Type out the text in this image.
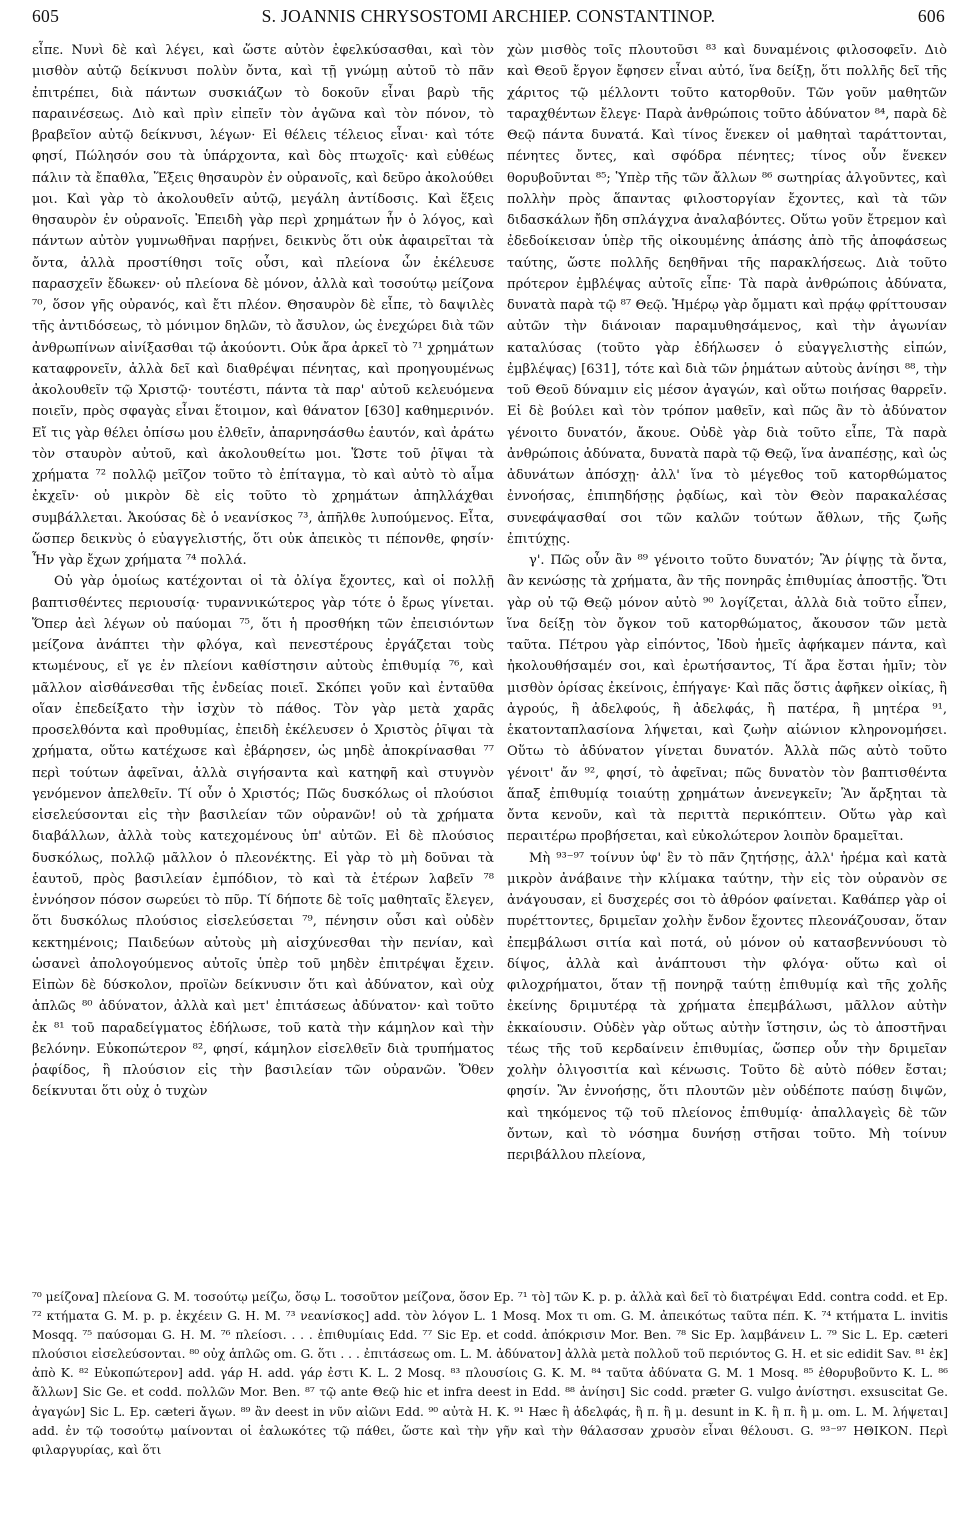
605	S. JOANNIS CHRYSOSTOMI ARCHIEP. CONSTANTINOP.	606

εἶπε. Νυνὶ δὲ καὶ λέγει, καὶ ὥστε αὐτὸν ἐφελκύσασθαι, καὶ τὸν μισθὸν αὐτῷ δείκνυσι πολὺν ὄντα, καὶ τῇ γνώμῃ αὐτοῦ τὸ πᾶν ἐπιτρέπει, διὰ πάντων συσκιάζων τὸ δοκοῦν εἶναι βαρὺ τῆς παραινέσεως. Διὸ καὶ πρὶν εἰπεῖν τὸν ἀγῶνα καὶ τὸν πόνον, τὸ βραβεῖον αὐτῷ δείκνυσι, λέγων· Εἰ θέλεις τέλειος εἶναι· καὶ τότε φησί, Πώλησόν σου τὰ ὑπάρχοντα, καὶ δὸς πτωχοῖς· καὶ εὐθέως πάλιν τὰ ἔπαθλα, Ἕξεις θησαυρὸν ἐν οὐρανοῖς, καὶ δεῦρο ἀκολούθει μοι. Καὶ γὰρ τὸ ἀκολουθεῖν αὐτῷ, μεγάλη ἀντίδοσις. Καὶ ἕξεις θησαυρὸν ἐν οὐρανοῖς. Ἐπειδὴ γὰρ περὶ χρημάτων ἦν ὁ λόγος, καὶ πάντων αὐτὸν γυμνωθῆναι παρῄνει, δεικνὺς ὅτι οὐκ ἀφαιρεῖται τὰ ὄντα, ἀλλὰ προστίθησι τοῖς οὖσι, καὶ πλείονα ὧν ἐκέλευσε παρασχεῖν ἔδωκεν· οὐ πλείονα δὲ μόνον, ἀλλὰ καὶ τοσούτῳ μείζονα ⁷⁰, ὅσον γῆς οὐρανός, καὶ ἔτι πλέον. Θησαυρὸν δὲ εἶπε, τὸ δαψιλὲς τῆς ἀντιδόσεως, τὸ μόνιμον δηλῶν, τὸ ἄσυλον, ὡς ἐνεχώρει διὰ τῶν ἀνθρωπίνων αἰνίξασθαι τῷ ἀκούοντι. Οὐκ ἄρα ἀρκεῖ τὸ ⁷¹ χρημάτων καταφρονεῖν, ἀλλὰ δεῖ καὶ διαθρέψαι πένητας, καὶ προηγουμένως ἀκολουθεῖν τῷ Χριστῷ· τουτέστι, πάντα τὰ παρ' αὐτοῦ κελευόμενα ποιεῖν, πρὸς σφαγὰς εἶναι ἕτοιμον, καὶ θάνατον [630] καθημερινόν. Εἴ τις γὰρ θέλει ὀπίσω μου ἐλθεῖν, ἀπαρνησάσθω ἑαυτόν, καὶ ἀράτω τὸν σταυρὸν αὐτοῦ, καὶ ἀκολουθείτω μοι. Ὥστε τοῦ ῥῖψαι τὰ χρήματα ⁷² πολλῷ μεῖζον τοῦτο τὸ ἐπίταγμα, τὸ καὶ αὐτὸ τὸ αἷμα ἐκχεῖν· οὐ μικρὸν δὲ εἰς τοῦτο τὸ χρημάτων ἀπηλλάχθαι συμβάλλεται. Ἀκούσας δὲ ὁ νεανίσκος ⁷³, ἀπῆλθε λυπούμενος. Εἶτα, ὥσπερ δεικνὺς ὁ εὐαγγελιστής, ὅτι οὐκ ἀπεικὸς τι πέπονθε, φησίν· Ἦν γὰρ ἔχων χρήματα ⁷⁴ πολλά.

Οὐ γὰρ ὁμοίως κατέχονται οἱ τὰ ὀλίγα ἔχοντες, καὶ οἱ πολλῇ βαπτισθέντες περιουσίᾳ· τυραννικώτερος γὰρ τότε ὁ ἔρως γίνεται. Ὅπερ ἀεὶ λέγων οὐ παύομαι ⁷⁵, ὅτι ἡ προσθήκη τῶν ἐπεισιόντων μείζονα ἀνάπτει τὴν φλόγα, καὶ πενεστέρους ἐργάζεται τοὺς κτωμένους, εἴ γε ἐν πλείονι καθίστησιν αὐτοὺς ἐπιθυμίᾳ ⁷⁶, καὶ μᾶλλον αἰσθάνεσθαι τῆς ἐνδείας ποιεῖ. Σκόπει γοῦν καὶ ἐνταῦθα οἵαν ἐπεδείξατο τὴν ἰσχὺν τὸ πάθος. Τὸν γὰρ μετὰ χαρᾶς προσελθόντα καὶ προθυμίας, ἐπειδὴ ἐκέλευσεν ὁ Χριστὸς ῥῖψαι τὰ χρήματα, οὕτω κατέχωσε καὶ ἐβάρησεν, ὡς μηδὲ ἀποκρίνασθαι ⁷⁷ περὶ τούτων ἀφεῖναι, ἀλλὰ σιγήσαντα καὶ κατηφῆ καὶ στυγνὸν γενόμενον ἀπελθεῖν. Τί οὖν ὁ Χριστός; Πῶς δυσκόλως οἱ πλούσιοι εἰσελεύσονται εἰς τὴν βασιλείαν τῶν οὐρανῶν! οὐ τὰ χρήματα διαβάλλων, ἀλλὰ τοὺς κατεχομένους ὑπ' αὐτῶν. Εἰ δὲ πλούσιος δυσκόλως, πολλῷ μᾶλλον ὁ πλεονέκτης. Εἰ γὰρ τὸ μὴ δοῦναι τὰ ἑαυτοῦ, πρὸς βασιλείαν ἐμπόδιον, τὸ καὶ τὰ ἑτέρων λαβεῖν ⁷⁸ ἐννόησον πόσον σωρεύει τὸ πῦρ. Τί δήποτε δὲ τοῖς μαθηταῖς ἔλεγεν, ὅτι δυσκόλως πλούσιος εἰσελεύσεται ⁷⁹, πένησιν οὖσι καὶ οὐδὲν κεκτημένοις; Παιδεύων αὐτοὺς μὴ αἰσχύνεσθαι τὴν πενίαν, καὶ ὡσανεὶ ἀπολογούμενος αὐτοῖς ὑπὲρ τοῦ μηδὲν ἐπιτρέψαι ἔχειν. Εἰπὼν δὲ δύσκολον, προϊὼν δείκνυσιν ὅτι καὶ ἀδύνατον, καὶ οὐχ ἁπλῶς ⁸⁰ ἀδύνατον, ἀλλὰ καὶ μετ' ἐπιτάσεως ἀδύνατον· καὶ τοῦτο ἐκ ⁸¹ τοῦ παραδείγματος ἐδήλωσε, τοῦ κατὰ τὴν κάμηλον καὶ τὴν βελόνην. Εὐκοπώτερον ⁸², φησί, κάμηλον εἰσελθεῖν διὰ τρυπήματος ῥαφίδος, ἢ πλούσιον εἰς τὴν βασιλείαν τῶν οὐρανῶν. Ὅθεν δείκνυται ὅτι οὐχ ὁ τυχὼν

χὼν μισθὸς τοῖς πλουτοῦσι ⁸³ καὶ δυναμένοις φιλοσοφεῖν. Διὸ καὶ Θεοῦ ἔργον ἔφησεν εἶναι αὐτό, ἵνα δείξῃ, ὅτι πολλῆς δεῖ τῆς χάριτος τῷ μέλλοντι τοῦτο κατορθοῦν. Τῶν γοῦν μαθητῶν ταραχθέντων ἔλεγε· Παρὰ ἀνθρώποις τοῦτο ἀδύνατον ⁸⁴, παρὰ δὲ Θεῷ πάντα δυνατά. Καὶ τίνος ἕνεκεν οἱ μαθηταὶ ταράττονται, πένητες ὄντες, καὶ σφόδρα πένητες; τίνος οὖν ἕνεκεν θορυβοῦνται ⁸⁵; Ὑπὲρ τῆς τῶν ἄλλων ⁸⁶ σωτηρίας ἀλγοῦντες, καὶ πολλὴν πρὸς ἅπαντας φιλοστοργίαν ἔχοντες, καὶ τὰ τῶν διδασκάλων ἤδη σπλάγχνα ἀναλαβόντες. Οὕτω γοῦν ἔτρεμον καὶ ἐδεδοίκεισαν ὑπὲρ τῆς οἰκουμένης ἁπάσης ἀπὸ τῆς ἀποφάσεως ταύτης, ὥστε πολλῆς δεηθῆναι τῆς παρακλήσεως. Διὰ τοῦτο πρότερον ἐμβλέψας αὐτοῖς εἶπε· Τὰ παρὰ ἀνθρώποις ἀδύνατα, δυνατὰ παρὰ τῷ ⁸⁷ Θεῷ. Ἡμέρῳ γὰρ ὄμματι καὶ πρᾴῳ φρίττουσαν αὐτῶν τὴν διάνοιαν παραμυθησάμενος, καὶ τὴν ἀγωνίαν καταλύσας (τοῦτο γὰρ ἐδήλωσεν ὁ εὐαγγελιστὴς εἰπών, ἐμβλέψας) [631], τότε καὶ διὰ τῶν ῥημάτων αὐτοὺς ἀνίησι ⁸⁸, τὴν τοῦ Θεοῦ δύναμιν εἰς μέσον ἀγαγών, καὶ οὕτω ποιήσας θαρρεῖν. Εἰ δὲ βούλει καὶ τὸν τρόπον μαθεῖν, καὶ πῶς ἂν τὸ ἀδύνατον γένοιτο δυνατόν, ἄκουε. Οὐδὲ γὰρ διὰ τοῦτο εἶπε, Τὰ παρὰ ἀνθρώποις ἀδύνατα, δυνατὰ παρὰ τῷ Θεῷ, ἵνα ἀναπέσῃς, καὶ ὡς ἀδυνάτων ἀπόσχῃ· ἀλλ' ἵνα τὸ μέγεθος τοῦ κατορθώματος ἐννοήσας, ἐπιπηδήσῃς ῥᾳδίως, καὶ τὸν Θεὸν παρακαλέσας συνεφάψασθαί σοι τῶν καλῶν τούτων ἄθλων, τῆς ζωῆς ἐπιτύχῃς.

γ'. Πῶς οὖν ἂν ⁸⁹ γένοιτο τοῦτο δυνατόν; Ἂν ῥίψῃς τὰ ὄντα, ἂν κενώσῃς τὰ χρήματα, ἂν τῆς πονηρᾶς ἐπιθυμίας ἀποστῇς. Ὅτι γὰρ οὐ τῷ Θεῷ μόνον αὐτὸ ⁹⁰ λογίζεται, ἀλλὰ διὰ τοῦτο εἶπεν, ἵνα δείξῃ τὸν ὄγκον τοῦ κατορθώματος, ἄκουσον τῶν μετὰ ταῦτα. Πέτρου γὰρ εἰπόντος, Ἰδοὺ ἡμεῖς ἀφήκαμεν πάντα, καὶ ἠκολουθήσαμέν σοι, καὶ ἐρωτήσαντος, Τί ἄρα ἔσται ἡμῖν; τὸν μισθὸν ὁρίσας ἐκείνοις, ἐπήγαγε· Καὶ πᾶς ὅστις ἀφῆκεν οἰκίας, ἢ ἀγρούς, ἢ ἀδελφούς, ἢ ἀδελφάς, ἢ πατέρα, ἢ μητέρα ⁹¹, ἑκατονταπλασίονα λήψεται, καὶ ζωὴν αἰώνιον κληρονομήσει. Οὕτω τὸ ἀδύνατον γίνεται δυνατόν. Ἀλλὰ πῶς αὐτὸ τοῦτο γένοιτ' ἄν ⁹², φησί, τὸ ἀφεῖναι; πῶς δυνατὸν τὸν βαπτισθέντα ἅπαξ ἐπιθυμίᾳ τοιαύτῃ χρημάτων ἀνενεγκεῖν; Ἂν ἄρξηται τὰ ὄντα κενοῦν, καὶ τὰ περιττὰ περικόπτειν. Οὕτω γὰρ καὶ περαιτέρω προβήσεται, καὶ εὐκολώτερον λοιπὸν δραμεῖται.

Μὴ ⁹³⁻⁹⁷ τοίνυν ὑφ' ἓν τὸ πᾶν ζητήσῃς, ἀλλ' ἠρέμα καὶ κατὰ μικρὸν ἀνάβαινε τὴν κλίμακα ταύτην, τὴν εἰς τὸν οὐρανὸν σε ἀνάγουσαν, εἰ δυσχερές σοι τὸ ἀθρόον φαίνεται. Καθάπερ γὰρ οἱ πυρέττοντες, δριμεῖαν χολὴν ἔνδον ἔχοντες πλεονάζουσαν, ὅταν ἐπεμβάλωσι σιτία καὶ ποτά, οὐ μόνον οὐ κατασβεννύουσι τὸ δίψος, ἀλλὰ καὶ ἀνάπτουσι τὴν φλόγα· οὕτω καὶ οἱ φιλοχρήματοι, ὅταν τῇ πονηρᾷ ταύτῃ ἐπιθυμίᾳ καὶ τῆς χολῆς ἐκείνης δριμυτέρᾳ τὰ χρήματα ἐπεμβάλωσι, μᾶλλον αὐτὴν ἐκκαίουσιν. Οὐδὲν γὰρ οὕτως αὐτὴν ἵστησιν, ὡς τὸ ἀποστῆναι τέως τῆς τοῦ κερδαίνειν ἐπιθυμίας, ὥσπερ οὖν τὴν δριμεῖαν χολὴν ὀλιγοσιτία καὶ κένωσις. Τοῦτο δὲ αὐτὸ πόθεν ἔσται; φησίν. Ἂν ἐννοήσῃς, ὅτι πλουτῶν μὲν οὐδέποτε παύσῃ διψῶν, καὶ τηκόμενος τῷ τοῦ πλείονος ἐπιθυμίᾳ· ἀπαλλαγεὶς δὲ τῶν ὄντων, καὶ τὸ νόσημα δυνήσῃ στῆσαι τοῦτο. Μὴ τοίνυν περιβάλλου πλείονα,

⁷⁰ μείζονα] πλείονα G. M. τοσούτῳ μείζω, ὅσῳ L. τοσοῦτον μείζονα, ὅσον Ep. ⁷¹ τὸ] τῶν K. p. p. ἀλλὰ καὶ δεῖ τὸ διατρέψαι Edd. contra codd. et Ep. ⁷² κτήματα G. M. p. p. ἐκχέειν G. H. M. ⁷³ νεανίσκος] add. τὸν λόγον L. 1 Mosq. Mox τι om. G. M. ἀπεικότως ταῦτα πέπ. K. ⁷⁴ κτήματα L. invitis Mosqq. ⁷⁵ παύσομαι G. H. M. ⁷⁶ πλείοσι. . . . ἐπιθυμίαις Edd. ⁷⁷ Sic Ep. et codd. ἀπόκρισιν Mor. Ben. ⁷⁸ Sic Ep. λαμβάνειν L. ⁷⁹ Sic L. Ep. cæteri πλούσιοι εἰσελεύσονται. ⁸⁰ οὐχ ἁπλῶς om. G. ὅτι . . . ἐπιτάσεως om. L. M. ἀδύνατον] ἀλλὰ μετὰ πολλοῦ τοῦ περιόντος G. H. et sic edidit Sav. ⁸¹ ἐκ] ἀπὸ K. ⁸² Εὐκοπώτερον] add. γάρ H. add. γάρ ἐστι K. L. 2 Mosq. ⁸³ πλουσίοις G. K. M. ⁸⁴ ταῦτα ἀδύνατα G. M. 1 Mosq. ⁸⁵ ἐθορυβοῦντο K. L. ⁸⁶ ἄλλων] Sic Ge. et codd. πολλῶν Mor. Ben. ⁸⁷ τῷ ante Θεῷ hic et infra deest in Edd. ⁸⁸ ἀνίησι] Sic codd. præter G. vulgo ἀνίστησι. exsuscitat Ge. ἀγαγών] Sic L. Ep. cæteri ἄγων. ⁸⁹ ἂν deest in νῦν αἰῶνι Edd. ⁹⁰ αὐτὰ H. K. ⁹¹ Hæc ἢ ἀδελφάς, ἢ π. ἢ μ. desunt in K. ἢ π. ἢ μ. om. L. M. λήψεται] add. ἐν τῷ τοσούτῳ μαίνονται οἱ ἑαλωκότες τῷ πάθει, ὥστε καὶ τὴν γῆν καὶ τὴν θάλασσαν χρυσὸν εἶναι θέλουσι. G. ⁹³⁻⁹⁷ ΗΘΙΚΟΝ. Περὶ φιλαργυρίας, καὶ ὅτι
